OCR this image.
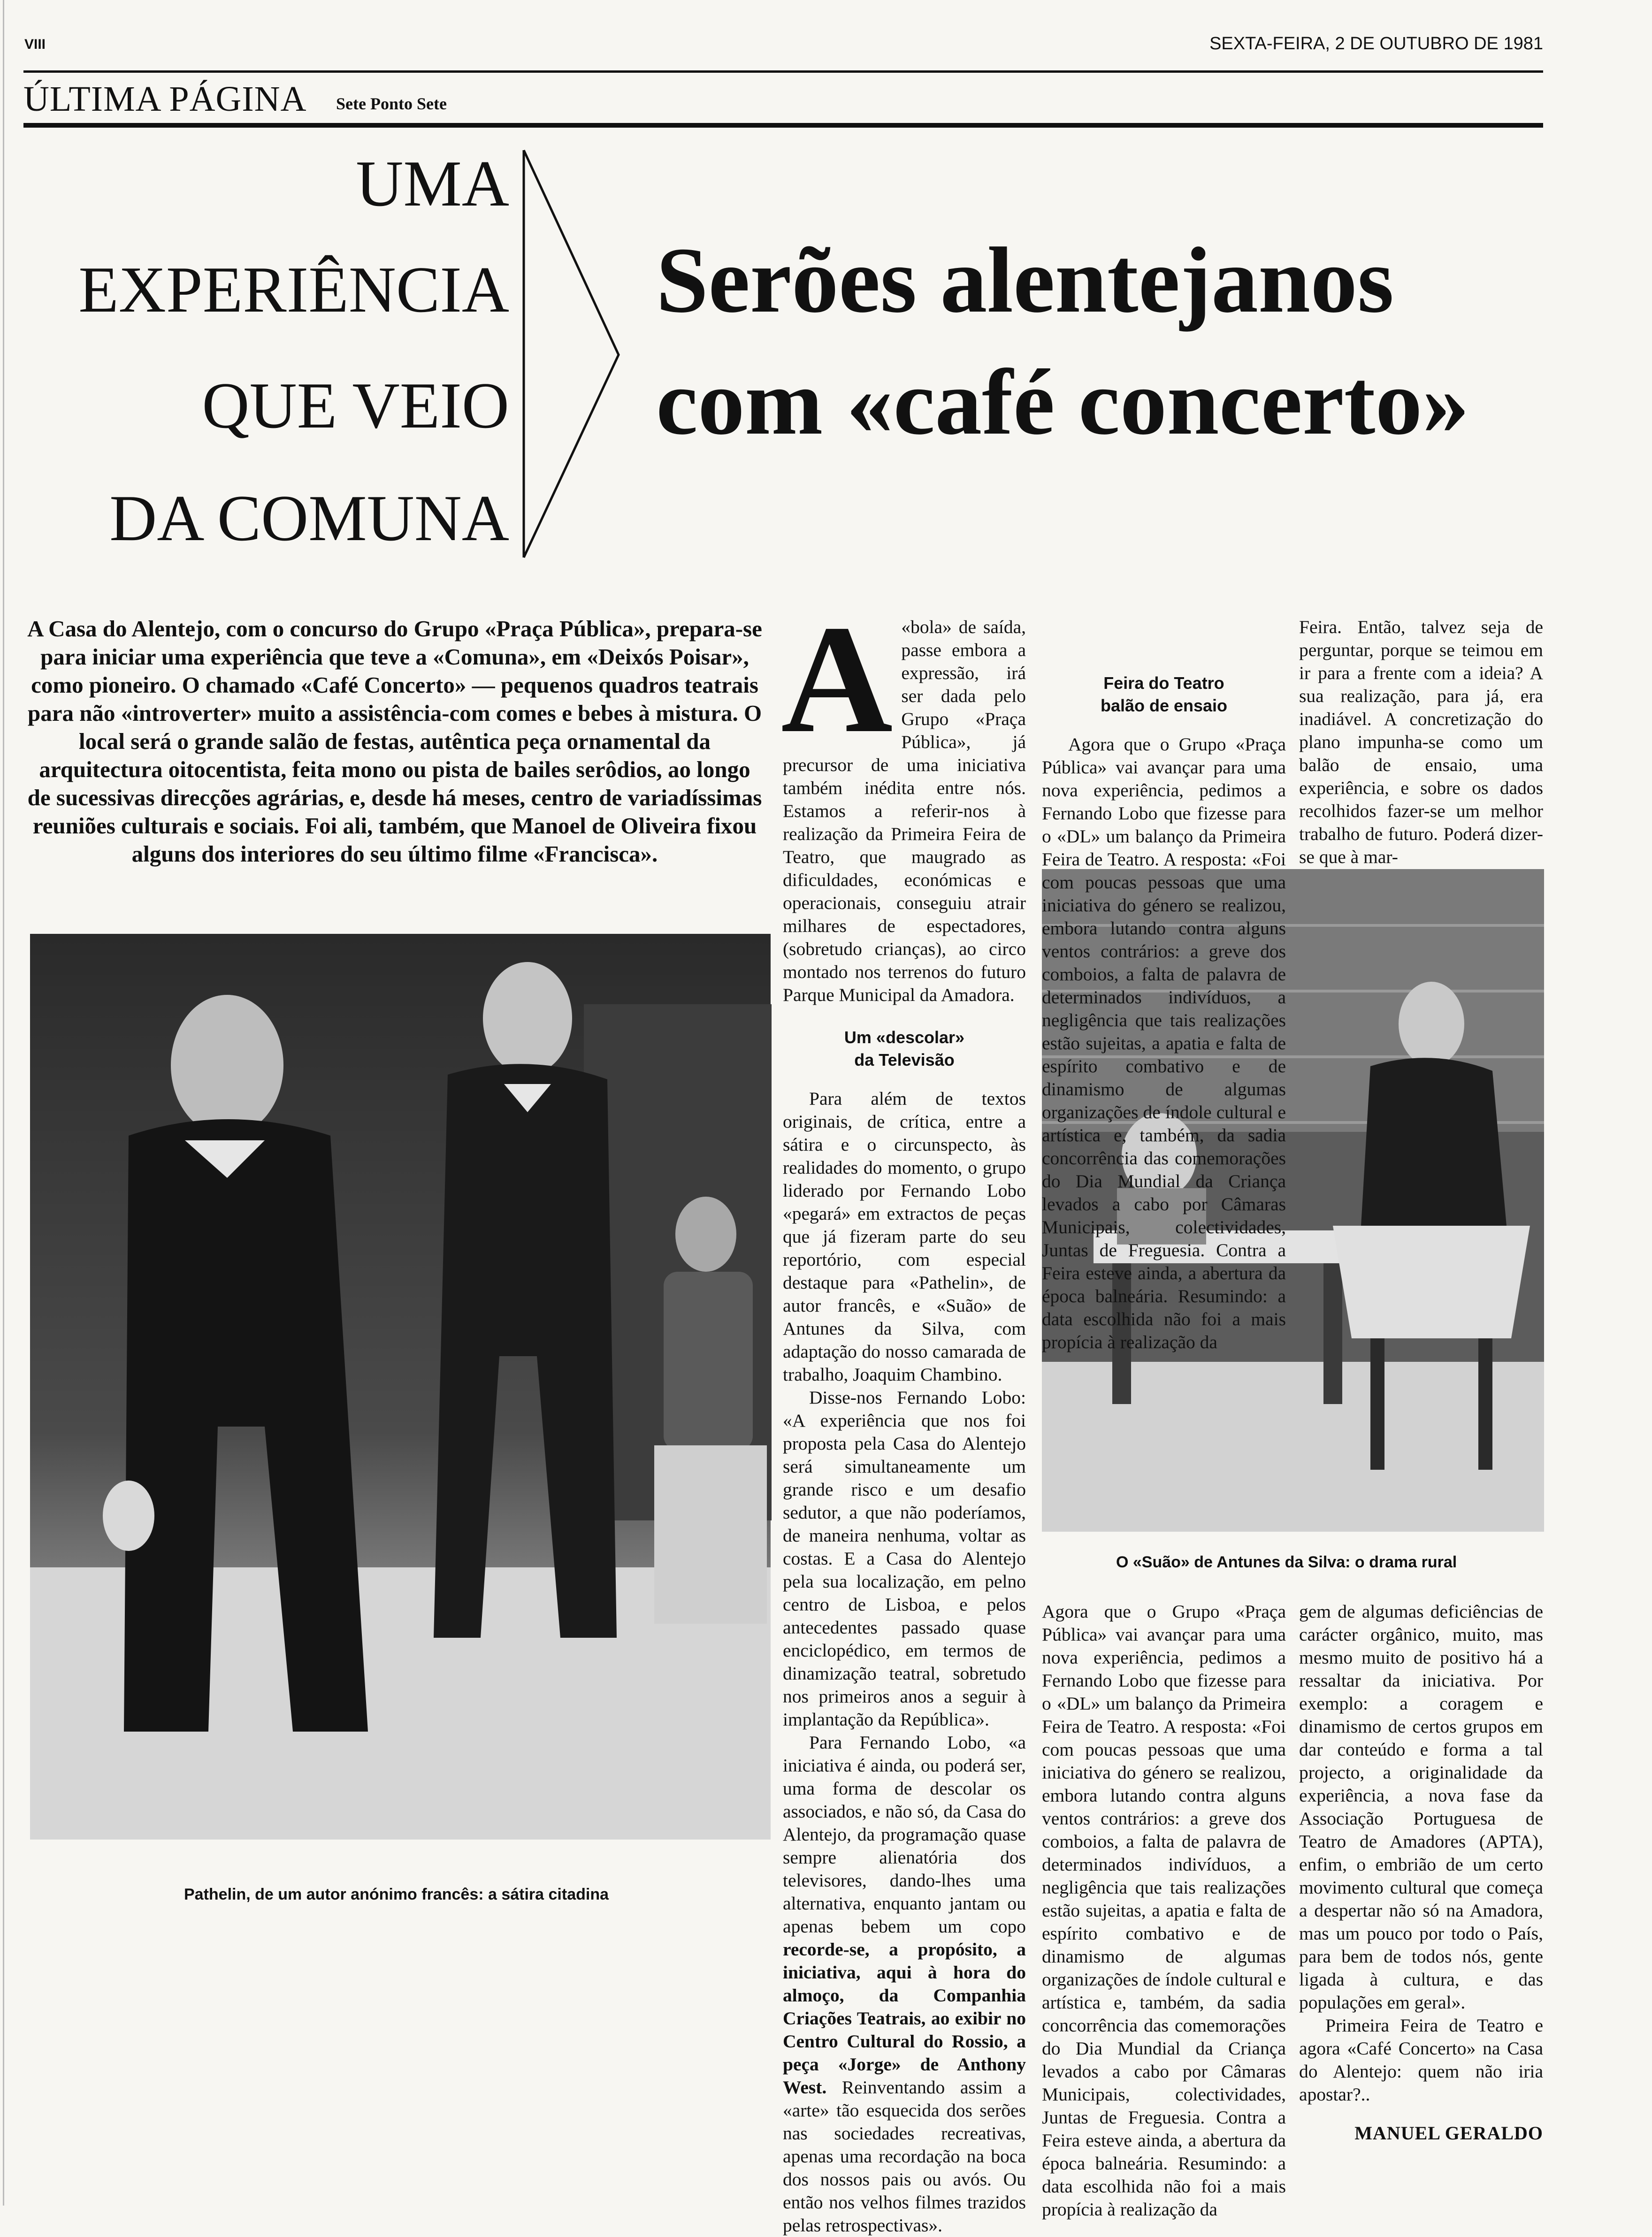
VIII	SEXTA-FEIRA, 2 DE OUTUBRO DE 1981
ÚLTIMA PÁGINA Sete Ponto Sete
UMA
EXPERIÊNCIA
QUE VEIO
DA COMUNA
Serões alentejanos
com «café concerto»

A Casa do Alentejo, com o concurso do Grupo «Praça Pública», prepara-se para iniciar uma experiência que teve a «Comuna», em «Deixós Poisar», como pioneiro. O chamado «Café Concerto» — pequenos quadros teatrais para não «introverter» muito a assistência-com comes e bebes à mistura. O local será o grande salão de festas, autêntica peça ornamental da arquitectura oitocentista, feita mono ou pista de bailes serôdios, ao longo de sucessivas direcções agrárias, e, desde há meses, centro de variadíssimas reuniões culturais e sociais. Foi ali, também, que Manoel de Oliveira fixou alguns dos interiores do seu último filme «Francisca».

Pathelin, de um autor anónimo francês: a sátira citadina
O «Suão» de Antunes da Silva: o drama rural
A «bola» de saída, passe embora a expressão, irá ser dada pelo Grupo «Praça Pública», já precursor de uma iniciativa também inédita entre nós. Estamos a referir-nos à realização da Primeira Feira de Teatro, que maugrado as dificuldades, económicas e operacionais, conseguiu atrair milhares de espectadores, (sobretudo crianças), ao circo montado nos terrenos do futuro Parque Municipal da Amadora.

Um «descolar»
da Televisão

Para além de textos originais, de crítica, entre a sátira e o circunspecto, às realidades do momento, o grupo liderado por Fernando Lobo «pegará» em extractos de peças que já fizeram parte do seu reportório, com especial destaque para «Pathelin», de autor francês, e «Suão» de Antunes da Silva, com adaptação do nosso camarada de trabalho, Joaquim Chambino.

Disse-nos Fernando Lobo: «A experiência que nos foi proposta pela Casa do Alentejo será simultaneamente um grande risco e um desafio sedutor, a que não poderíamos, de maneira nenhuma, voltar as costas. E a Casa do Alentejo pela sua localização, em pelno centro de Lisboa, e pelos antecedentes passado quase enciclopédico, em termos de dinamização teatral, sobretudo nos primeiros anos a seguir à implantação da República».

Para Fernando Lobo, «a iniciativa é ainda, ou poderá ser, uma forma de descolar os associados, e não só, da Casa do Alentejo, da programação quase sempre alienatória dos televisores, dando-lhes uma alternativa, enquanto jantam ou apenas bebem um copo recorde-se, a propósito, a iniciativa, aqui à hora do almoço, da Companhia Criações Teatrais, ao exibir no Centro Cultural do Rossio, a peça «Jorge» de Anthony West. Reinventando assim a «arte» tão esquecida dos serões nas sociedades recreativas, apenas uma recordação na boca dos nossos pais ou avós. Ou então nos velhos filmes trazidos pelas retrospectivas».

Feira do Teatro
balão de ensaio

Agora que o Grupo «Praça Pública» vai avançar para uma nova experiência, pedimos a Fernando Lobo que fizesse para o «DL» um balanço da Primeira Feira de Teatro. A resposta: «Foi com poucas pessoas que uma iniciativa do género se realizou, embora lutando contra alguns ventos contrários: a greve dos comboios, a falta de palavra de determinados indivíduos, a negligência que tais realizações estão sujeitas, a apatia e falta de espírito combativo e de dinamismo de algumas organizações de índole cultural e artística e, também, da sadia concorrência das comemorações do Dia Mundial da Criança levados a cabo por Câmaras Municipais, colectividades, Juntas de Freguesia. Contra a Feira esteve ainda, a abertura da época balneária. Resumindo: a data escolhida não foi a mais propícia à realização da

Feira. Então, talvez seja de perguntar, porque se teimou em ir para a frente com a ideia? A sua realização, para já, era inadiável. A concretização do plano impunha-se como um balão de ensaio, uma experiência, e sobre os dados recolhidos fazer-se um melhor trabalho de futuro. Poderá dizer-se que à mar-

Agora que o Grupo «Praça Pública» vai avançar para uma nova experiência, pedimos a Fernando Lobo que fizesse para o «DL» um balanço da Primeira Feira de Teatro. A resposta: «Foi com poucas pessoas que uma iniciativa do género se realizou, embora lutando contra alguns ventos contrários: a greve dos comboios, a falta de palavra de determinados indivíduos, a negligência que tais realizações estão sujeitas, a apatia e falta de espírito combativo e de dinamismo de algumas organizações de índole cultural e artística e, também, da sadia concorrência das comemorações do Dia Mundial da Criança levados a cabo por Câmaras Municipais, colectividades, Juntas de Freguesia. Contra a Feira esteve ainda, a abertura da época balneária. Resumindo: a data escolhida não foi a mais propícia à realização da

gem de algumas deficiências de carácter orgânico, muito, mas mesmo muito de positivo há a ressaltar da iniciativa. Por exemplo: a coragem e dinamismo de certos grupos em dar conteúdo e forma a tal projecto, a originalidade da experiência, a nova fase da Associação Portuguesa de Teatro de Amadores (APTA), enfim, o embrião de um certo movimento cultural que começa a despertar não só na Amadora, mas um pouco por todo o País, para bem de todos nós, gente ligada à cultura, e das populações em geral».

Primeira Feira de Teatro e agora «Café Concerto» na Casa do Alentejo: quem não iria apostar?..

MANUEL GERALDO
